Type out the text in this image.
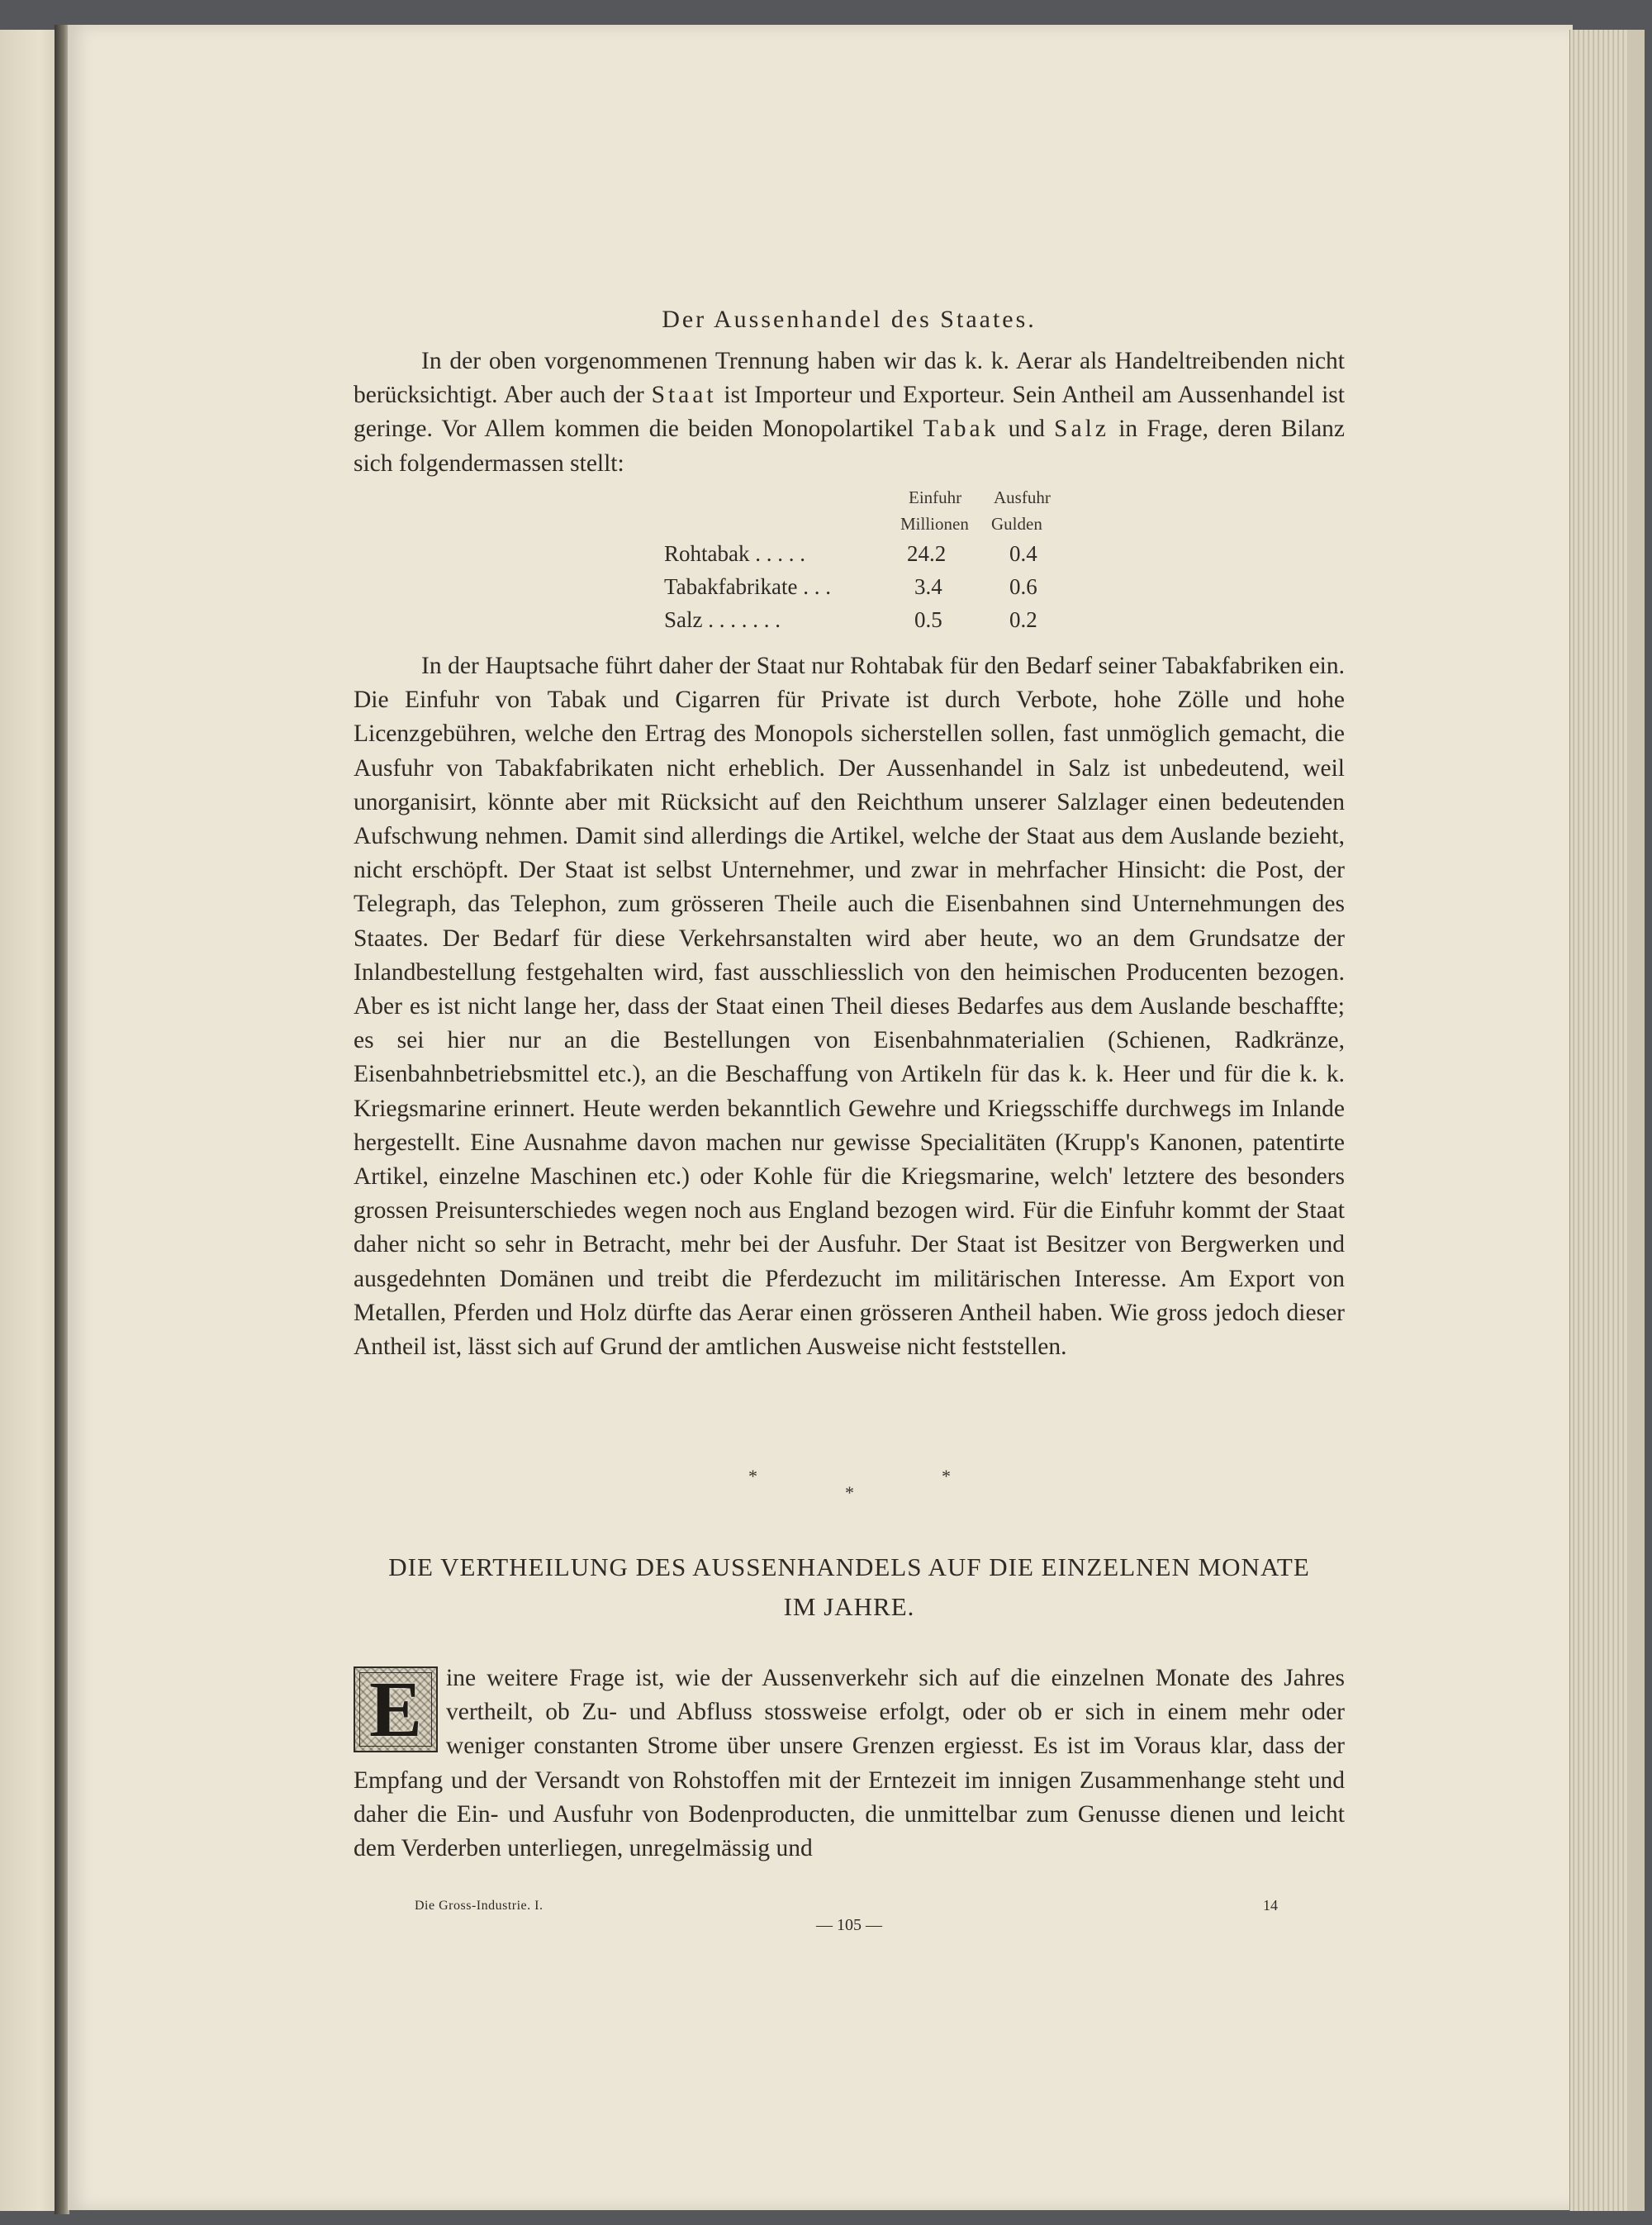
Der Aussenhandel des Staates.

In der oben vorgenommenen Trennung haben wir das k. k. Aerar als Handeltreibenden nicht berücksichtigt. Aber auch der Staat ist Importeur und Exporteur. Sein Antheil am Aussenhandel ist geringe. Vor Allem kommen die beiden Monopolartikel Tabak und Salz in Frage, deren Bilanz sich folgendermassen stellt:

Einfuhr Ausfuhr
Millionen Gulden
Rohtabak . . . . .	24.2	0.4
Tabakfabrikate . . .	3.4	0.6
Salz . . . . . . .	0.5	0.2

In der Hauptsache führt daher der Staat nur Rohtabak für den Bedarf seiner Tabakfabriken ein. Die Einfuhr von Tabak und Cigarren für Private ist durch Verbote, hohe Zölle und hohe Licenzgebühren, welche den Ertrag des Monopols sicherstellen sollen, fast unmöglich gemacht, die Ausfuhr von Tabakfabrikaten nicht erheblich. Der Aussenhandel in Salz ist unbedeutend, weil unorganisirt, könnte aber mit Rücksicht auf den Reichthum unserer Salzlager einen bedeutenden Aufschwung nehmen. Damit sind allerdings die Artikel, welche der Staat aus dem Auslande bezieht, nicht erschöpft. Der Staat ist selbst Unternehmer, und zwar in mehrfacher Hinsicht: die Post, der Telegraph, das Telephon, zum grösseren Theile auch die Eisenbahnen sind Unternehmungen des Staates. Der Bedarf für diese Verkehrsanstalten wird aber heute, wo an dem Grundsatze der Inlandbestellung festgehalten wird, fast ausschliesslich von den heimischen Producenten bezogen. Aber es ist nicht lange her, dass der Staat einen Theil dieses Bedarfes aus dem Auslande beschaffte; es sei hier nur an die Bestellungen von Eisenbahnmaterialien (Schienen, Radkränze, Eisenbahnbetriebsmittel etc.), an die Beschaffung von Artikeln für das k. k. Heer und für die k. k. Kriegsmarine erinnert. Heute werden bekanntlich Gewehre und Kriegsschiffe durchwegs im Inlande hergestellt. Eine Ausnahme davon machen nur gewisse Specialitäten (Krupp's Kanonen, patentirte Artikel, einzelne Maschinen etc.) oder Kohle für die Kriegsmarine, welch' letztere des besonders grossen Preisunterschiedes wegen noch aus England bezogen wird. Für die Einfuhr kommt der Staat daher nicht so sehr in Betracht, mehr bei der Ausfuhr. Der Staat ist Besitzer von Bergwerken und ausgedehnten Domänen und treibt die Pferdezucht im militärischen Interesse. Am Export von Metallen, Pferden und Holz dürfte das Aerar einen grösseren Antheil haben. Wie gross jedoch dieser Antheil ist, lässt sich auf Grund der amtlichen Ausweise nicht feststellen.

*
*
*
DIE VERTHEILUNG DES AUSSENHANDELS AUF DIE EINZELNEN MONATE
IM JAHRE.

E ine weitere Frage ist, wie der Aussenverkehr sich auf die einzelnen Monate des Jahres vertheilt, ob Zu- und Abfluss stossweise erfolgt, oder ob er sich in einem mehr oder weniger constanten Strome über unsere Grenzen ergiesst. Es ist im Voraus klar, dass der Empfang und der Versandt von Rohstoffen mit der Erntezeit im innigen Zusammenhange steht und daher die Ein- und Ausfuhr von Bodenproducten, die unmittelbar zum Genusse dienen und leicht dem Verderben unterliegen, unregelmässig und

Die Gross-Industrie. I.	14
— 105 —
